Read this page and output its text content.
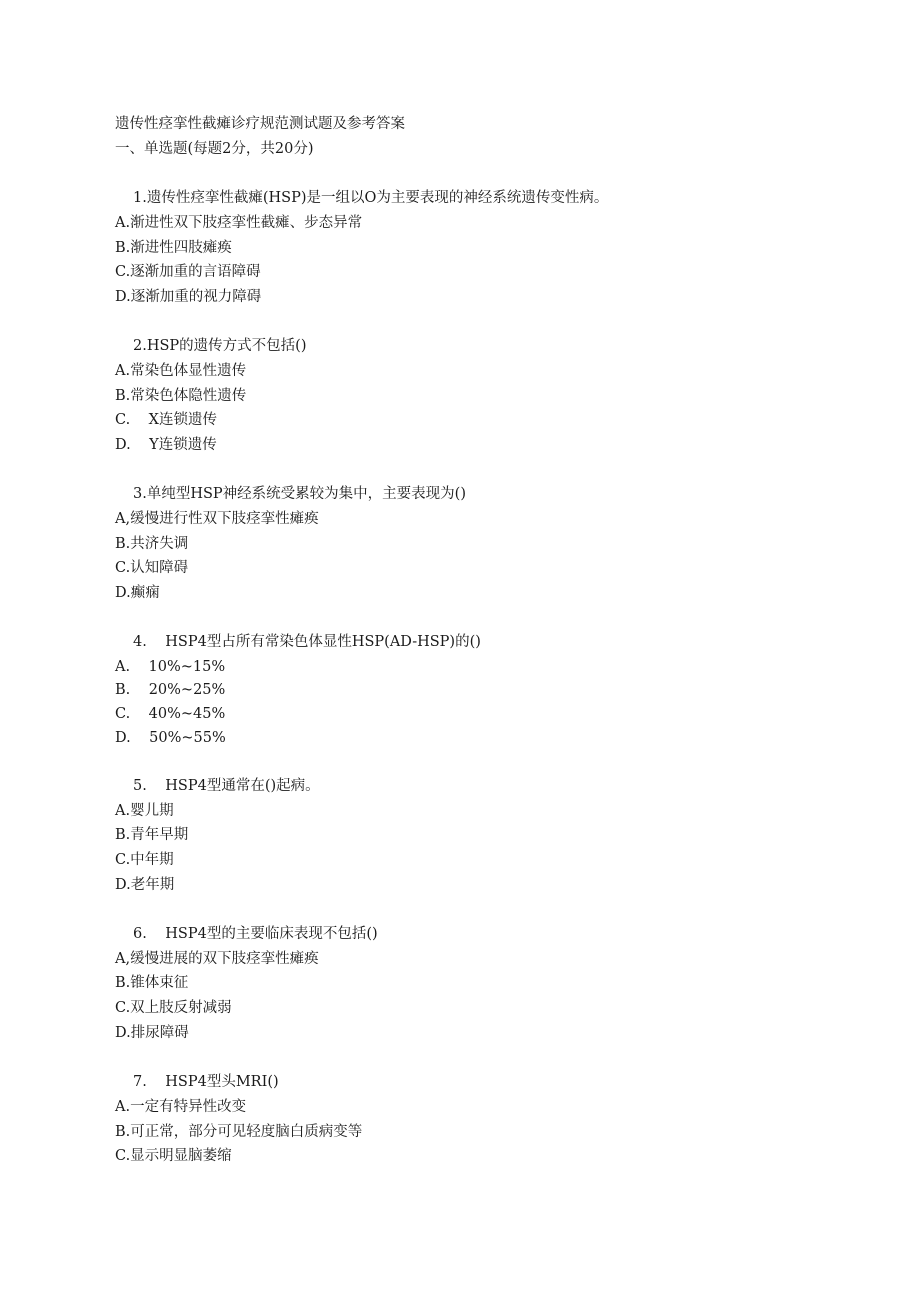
遗传性痉挛性截瘫诊疗规范测试题及参考答案
一、单选题(每题2分，共20分)
1.遗传性痉挛性截瘫(HSP)是一组以O为主要表现的神经系统遗传变性病。
A.渐进性双下肢痉挛性截瘫、步态异常
B.渐进性四肢瘫痪
C.逐渐加重的言语障碍
D.逐渐加重的视力障碍
2.HSP的遗传方式不包括()
A.常染色体显性遗传
B.常染色体隐性遗传
C.    X连锁遗传
D.    Y连锁遗传
3.单纯型HSP神经系统受累较为集中，主要表现为()
A,缓慢进行性双下肢痉挛性瘫痪
B.共济失调
C.认知障碍
D.癫痫
4.    HSP4型占所有常染色体显性HSP(AD-HSP)的()
A.    10%~15%
B.    20%~25%
C.    40%~45%
D.    50%~55%
5.    HSP4型通常在()起病。
A.婴儿期
B.青年早期
C.中年期
D.老年期
6.    HSP4型的主要临床表现不包括()
A,缓慢进展的双下肢痉挛性瘫痪
B.锥体束征
C.双上肢反射减弱
D.排尿障碍
7.    HSP4型头MRI()
A.一定有特异性改变
B.可正常，部分可见轻度脑白质病变等
C.显示明显脑萎缩
